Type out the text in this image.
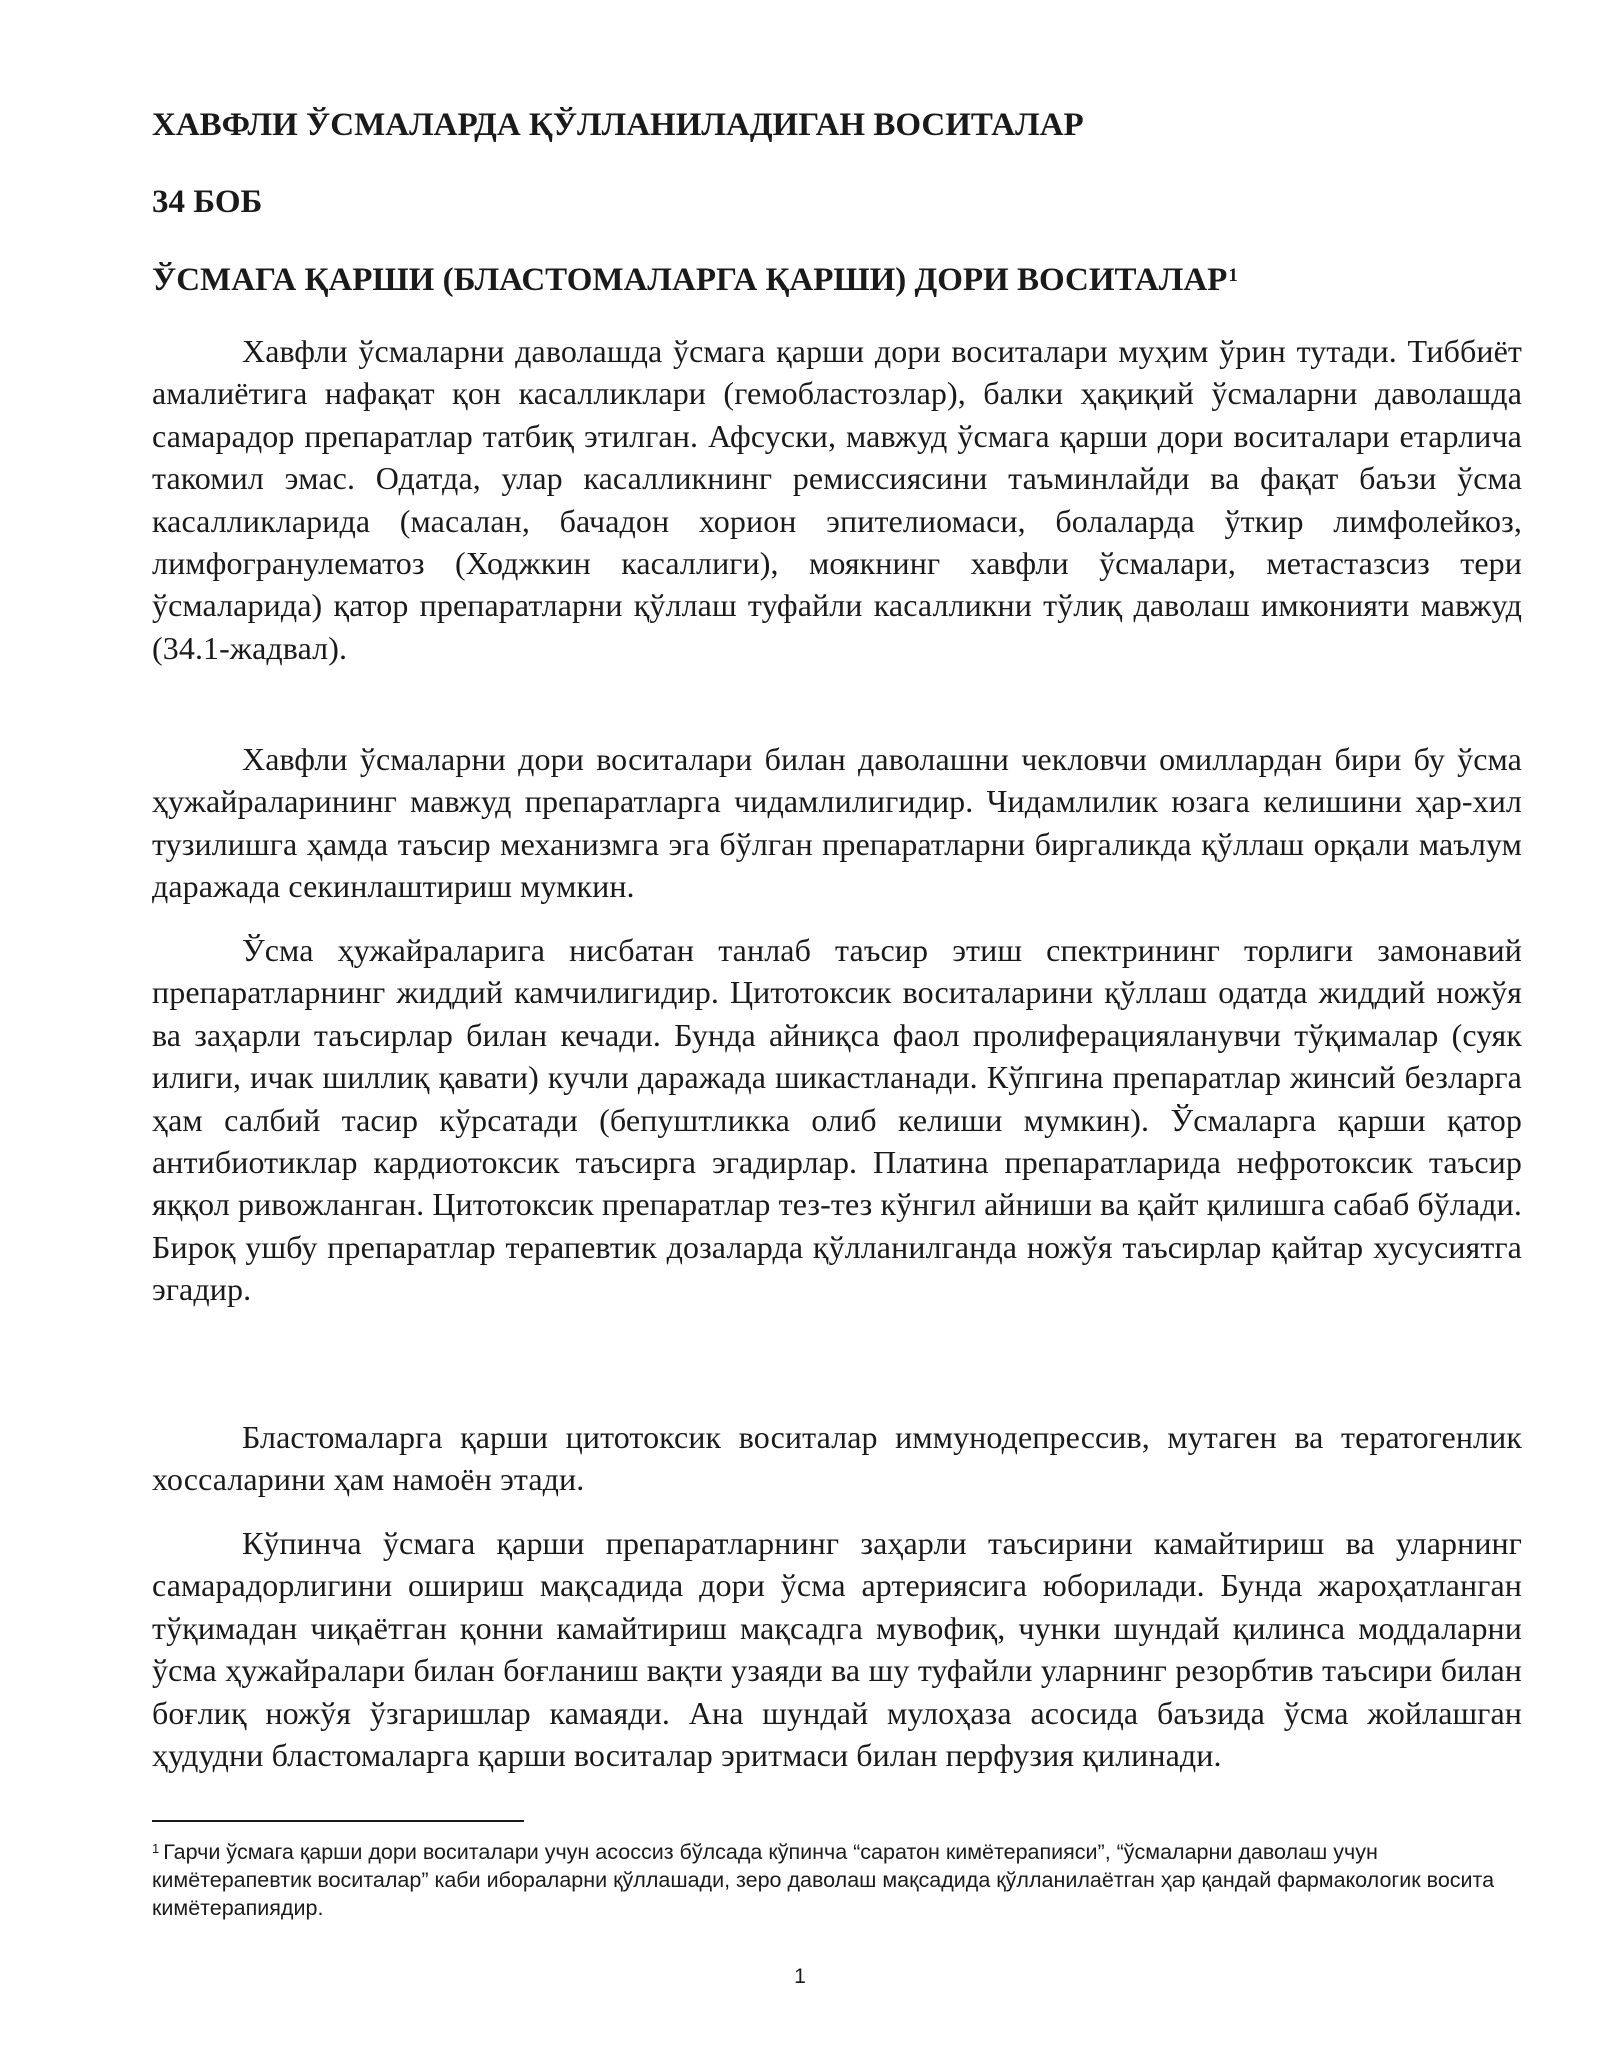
ХАВФЛИ ЎСМАЛАРДА ҚЎЛЛАНИЛАДИГАН ВОСИТАЛАР
34 БОБ
ЎСМАГА ҚАРШИ (БЛАСТОМАЛАРГА ҚАРШИ) ДОРИ ВОСИТАЛАР$^1$

Хавфли ўсмаларни даволашда ўсмага қарши дори воситалари муҳим ўрин тутади. Тиббиёт амалиётига нафақат қон касалликлари (гемобластозлар), балки ҳақиқий ўсмаларни даволашда самарадор препаратлар татбиқ этилган. Афсуски, мавжуд ўсмага қарши дори воситалари етарлича такомил эмас. Одатда, улар касалликнинг ремиссиясини таъминлайди ва фақат баъзи ўсма касалликларида (масалан, бачадон хорион эпителиомаси, болаларда ўткир лимфолейкоз, лимфогранулематоз (Ходжкин касаллиги), моякнинг хавфли ўсмалари, метастазсиз тери ўсмаларида) қатор препаратларни қўллаш туфайли касалликни тўлиқ даволаш имконияти мавжуд (34.1-жадвал).

Хавфли ўсмаларни дори воситалари билан даволашни чекловчи омиллардан бири бу ўсма ҳужайраларининг мавжуд препаратларга чидамлилигидир. Чидамлилик юзага келишини ҳар-хил тузилишга ҳамда таъсир механизмга эга бўлган препаратларни биргаликда қўллаш орқали маълум даражада секинлаштириш мумкин.

Ўсма ҳужайраларига нисбатан танлаб таъсир этиш спектрининг торлиги замонавий препаратларнинг жиддий камчилигидир. Цитотоксик воситаларини қўллаш одатда жиддий ножўя ва заҳарли таъсирлар билан кечади. Бунда айниқса фаол пролиферацияланувчи тўқималар (суяк илиги, ичак шиллиқ қавати) кучли даражада шикастланади. Кўпгина препаратлар жинсий безларга ҳам салбий тасир кўрсатади (бепуштликка олиб келиши мумкин). Ўсмаларга қарши қатор антибиотиклар кардиотоксик таъсирга эгадирлар. Платина препаратларида нефротоксик таъсир яққол ривожланган. Цитотоксик препаратлар тез-тез кўнгил айниши ва қайт қилишга сабаб бўлади. Бироқ ушбу препаратлар терапевтик дозаларда қўлланилганда ножўя таъсирлар қайтар хусусиятга эгадир.

Бластомаларга қарши цитотоксик воситалар иммунодепрессив, мутаген ва тератогенлик хоссаларини ҳам намоён этади.

Кўпинча ўсмага қарши препаратларнинг заҳарли таъсирини камайтириш ва уларнинг самарадорлигини ошириш мақсадида дори ўсма артериясига юборилади. Бунда жароҳатланган тўқимадан чиқаётган қонни камайтириш мақсадга мувофиқ, чунки шундай қилинса моддаларни ўсма ҳужайралари билан боғланиш вақти узаяди ва шу туфайли уларнинг резорбтив таъсири билан боғлиқ ножўя ўзгаришлар камаяди. Ана шундай мулоҳаза асосида баъзида ўсма жойлашган ҳудудни бластомаларга қарши воситалар эритмаси билан перфузия қилинади.

$^1$ Гарчи ўсмага қарши дори воситалари учун асоссиз бўлсада кўпинча “саратон кимётерапияси”, “ўсмаларни даволаш учун кимётерапевтик воситалар” каби ибораларни қўллашади, зеро даволаш мақсадида қўлланилаётган ҳар қандай фармакологик восита кимётерапиядир.

1
